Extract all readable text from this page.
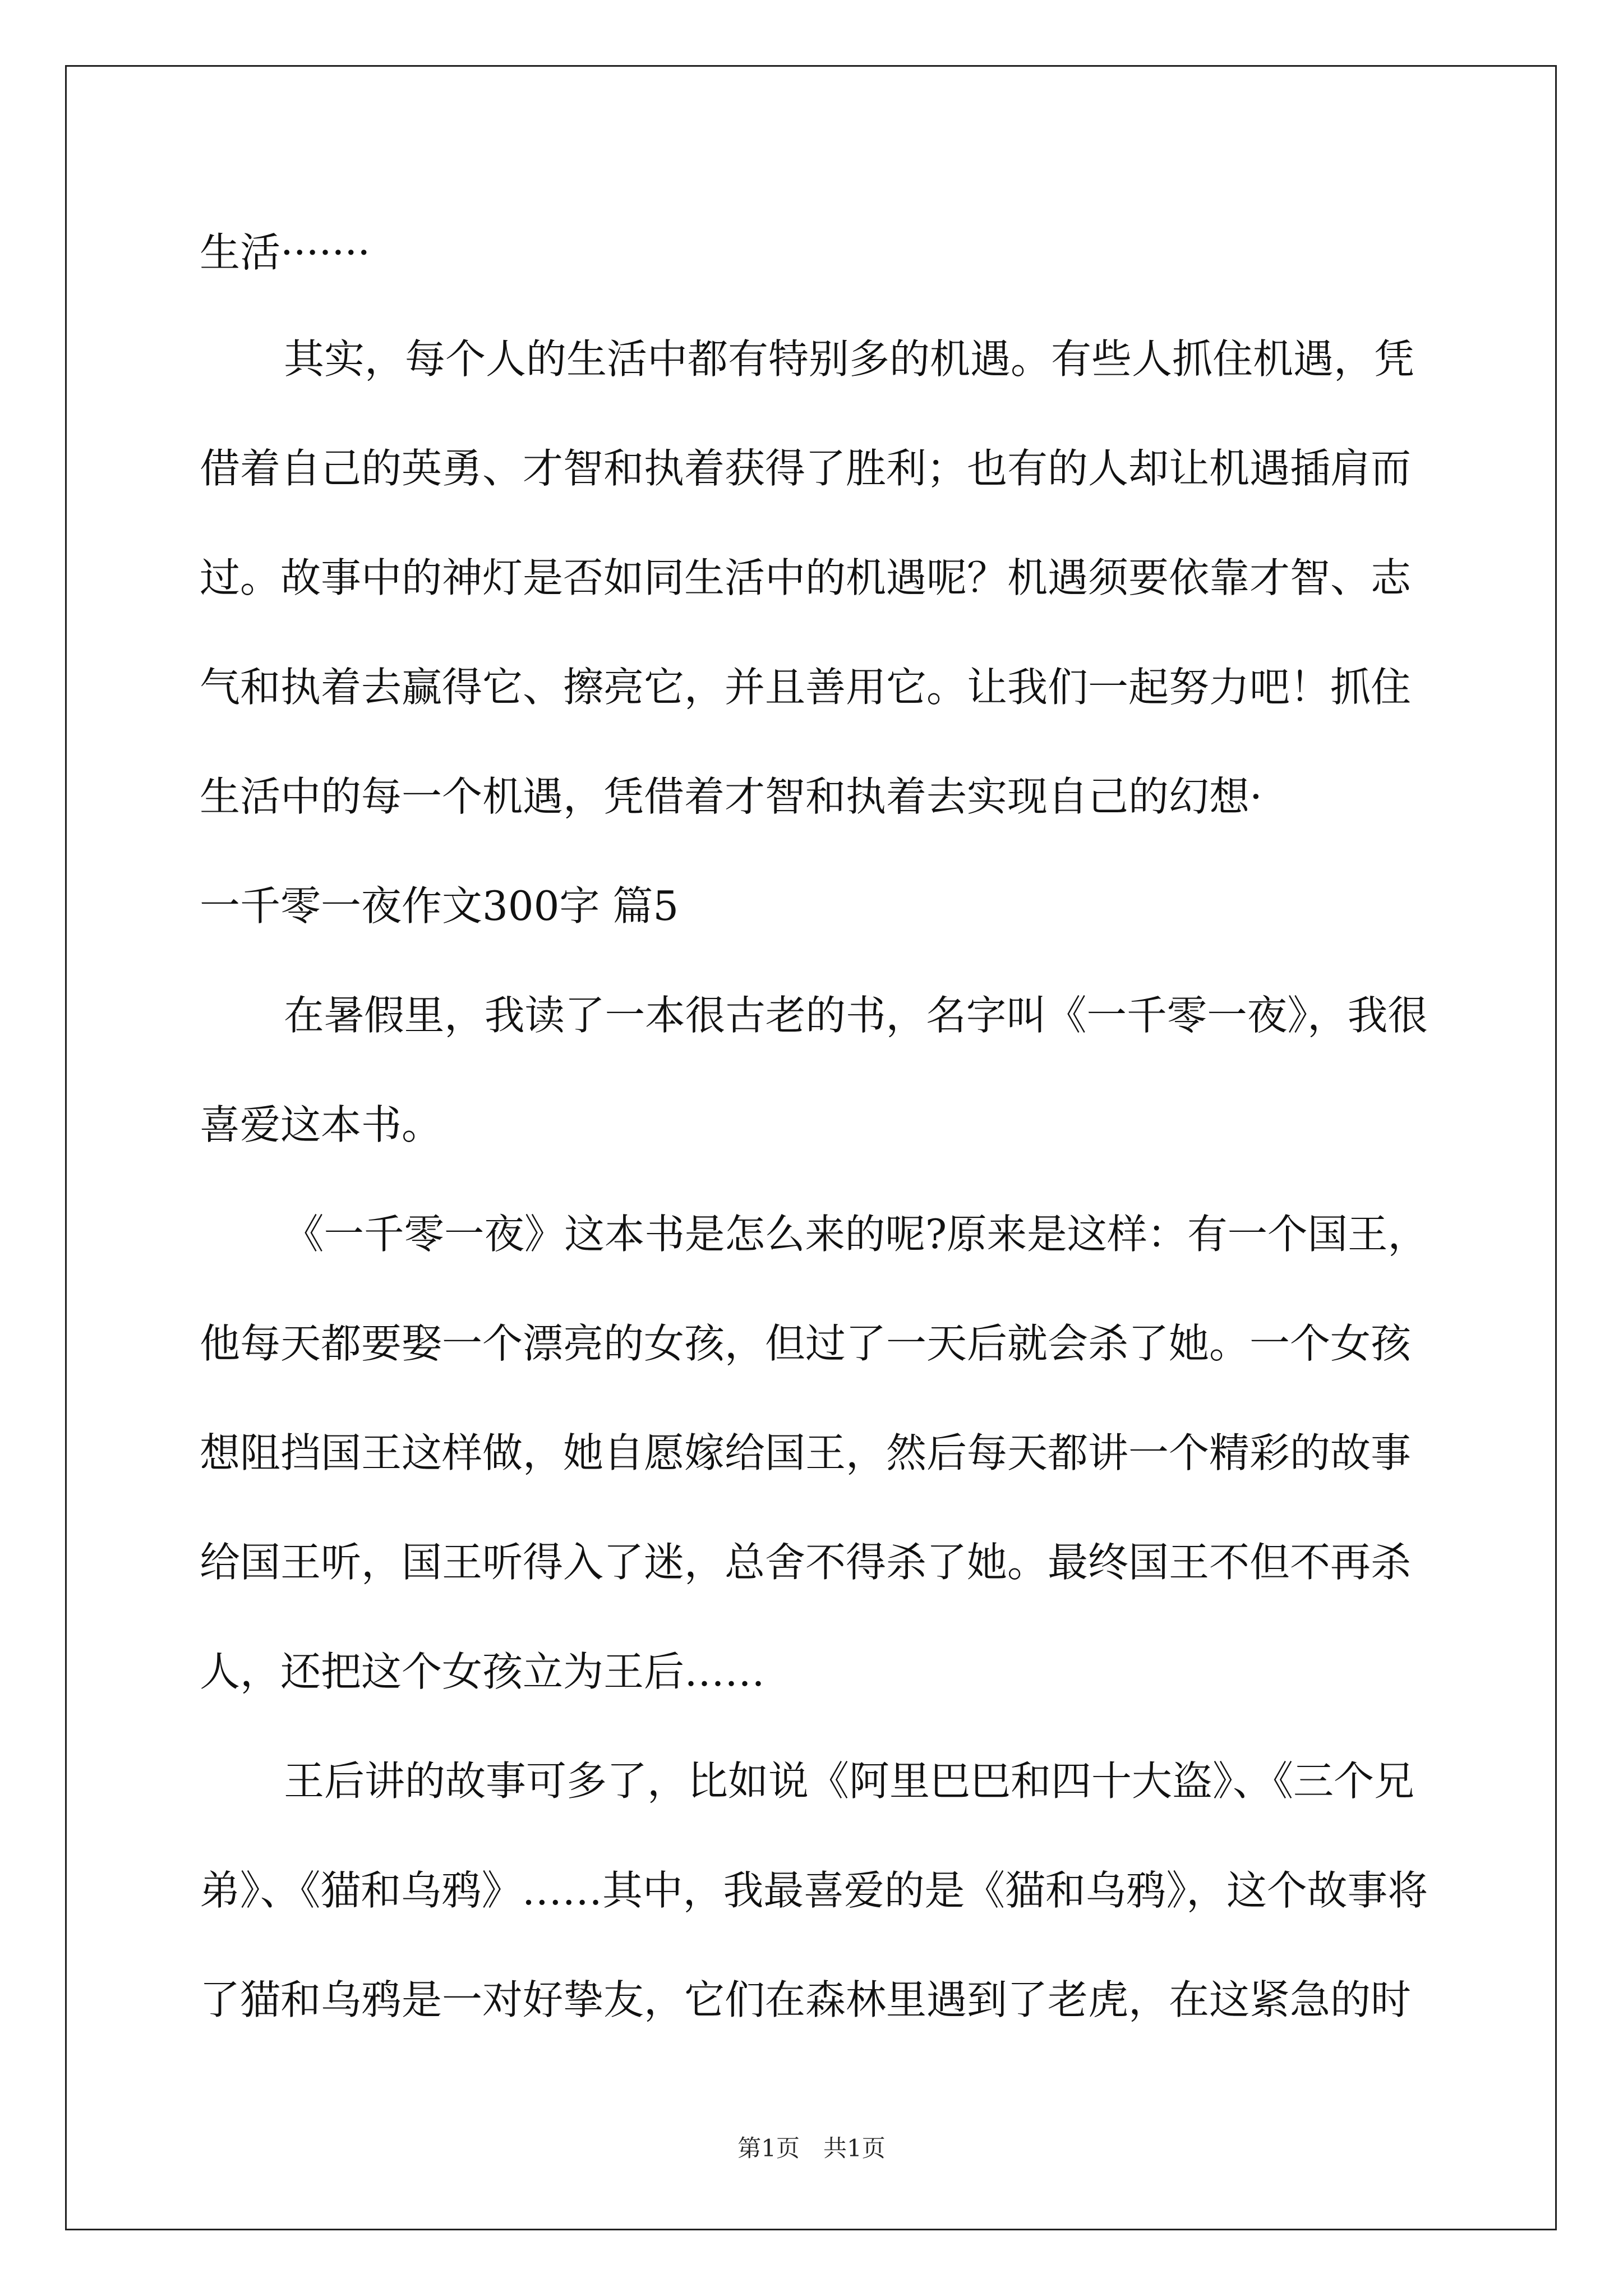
生活·······
其实，每个人的生活中都有特别多的机遇。有些人抓住机遇，凭
借着自己的英勇、才智和执着获得了胜利；也有的人却让机遇插肩而
过。故事中的神灯是否如同生活中的机遇呢？机遇须要依靠才智、志
气和执着去赢得它、擦亮它，并且善用它。让我们一起努力吧！抓住
生活中的每一个机遇，凭借着才智和执着去实现自己的幻想·
一千零一夜作文300字 篇5
在暑假里，我读了一本很古老的书，名字叫《一千零一夜》，我很
喜爱这本书。
《一千零一夜》这本书是怎么来的呢?原来是这样：有一个国王，
他每天都要娶一个漂亮的女孩，但过了一天后就会杀了她。一个女孩
想阻挡国王这样做，她自愿嫁给国王，然后每天都讲一个精彩的故事
给国王听，国王听得入了迷，总舍不得杀了她。最终国王不但不再杀
人，还把这个女孩立为王后……
王后讲的故事可多了，比如说《阿里巴巴和四十大盗》、《三个兄
弟》、《猫和乌鸦》……其中，我最喜爱的是《猫和乌鸦》，这个故事将
了猫和乌鸦是一对好挚友，它们在森林里遇到了老虎，在这紧急的时
第1页　共1页
